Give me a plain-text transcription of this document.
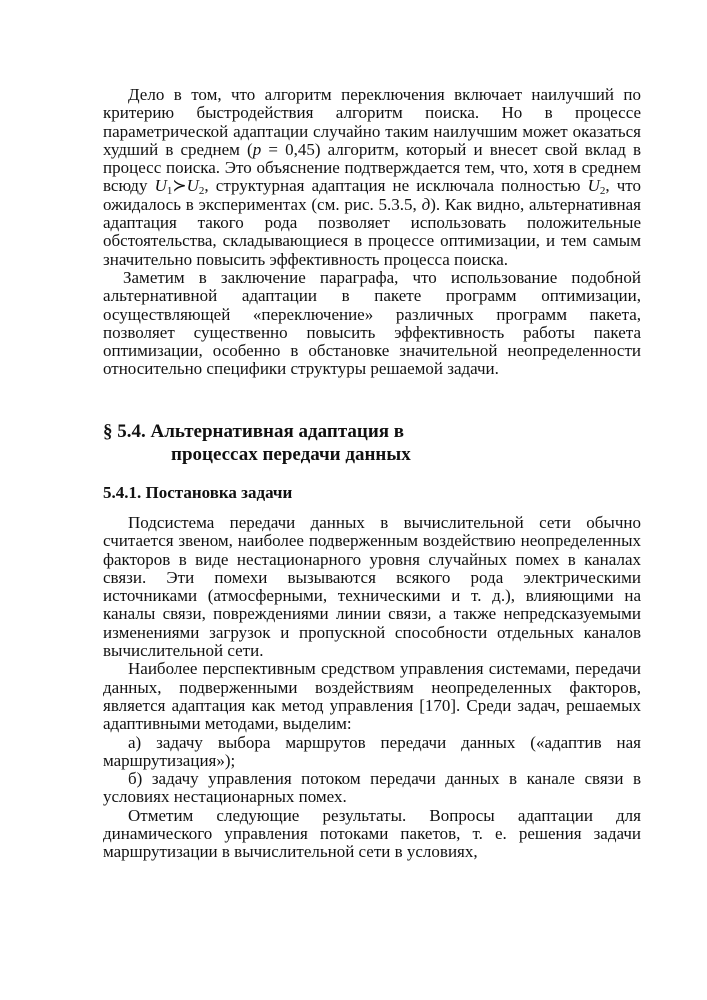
Дело в том, что алгоритм переключения включает наилучший по критерию быстродействия алгоритм поиска. Но в процессе параметрической адаптации случайно таким наилучшим может оказаться худший в среднем (p = 0,45) алгоритм, который и внесет свой вклад в процесс поиска. Это объяснение подтверждается тем, что, хотя в среднем всюду $U_1≻U_2$, структурная адаптация не исключала полностью $U_2$, что ожидалось в экспериментах (см. рис. 5.3.5, д). Как видно, альтернативная адаптация такого рода позволяет использовать положительные обстоятельства, складывающиеся в процессе оптимизации, и тем самым значительно повысить эффективность процесса поиска.

Заметим в заключение параграфа, что использование подобной альтернативной адаптации в пакете программ оптимизации, осуществляющей «переключение» различных программ пакета, позволяет существенно повысить эффективность работы пакета оптимизации, особенно в обстановке значительной неопределенности относительно специфики структуры решаемой задачи.

§ 5.4. Альтернативная адаптация в
процессах передачи данных
5.4.1. Постановка задачи

Подсистема передачи данных в вычислительной сети обычно считается звеном, наиболее подверженным воздействию неопределенных факторов в виде нестационарного уровня случайных помех в каналах связи. Эти помехи вызываются всякого рода электрическими источниками (атмосферными, техническими и т. д.), влияющими на каналы связи, повреждениями линии связи, а также непредсказуемыми изменениями загрузок и пропускной способности отдельных каналов вычислительной сети.

Наиболее перспективным средством управления системами, передачи данных, подверженными воздействиям неопределенных факторов, является адаптация как метод управления [170]. Среди задач, решаемых адаптивными методами, выделим:

а) задачу выбора маршрутов передачи данных («адаптив ная маршрутизация»);

б) задачу управления потоком передачи данных в канале связи в условиях нестационарных помех.

Отметим следующие результаты. Вопросы адаптации для динамического управления потоками пакетов, т. е. решения задачи маршрутизации в вычислительной сети в условиях,
